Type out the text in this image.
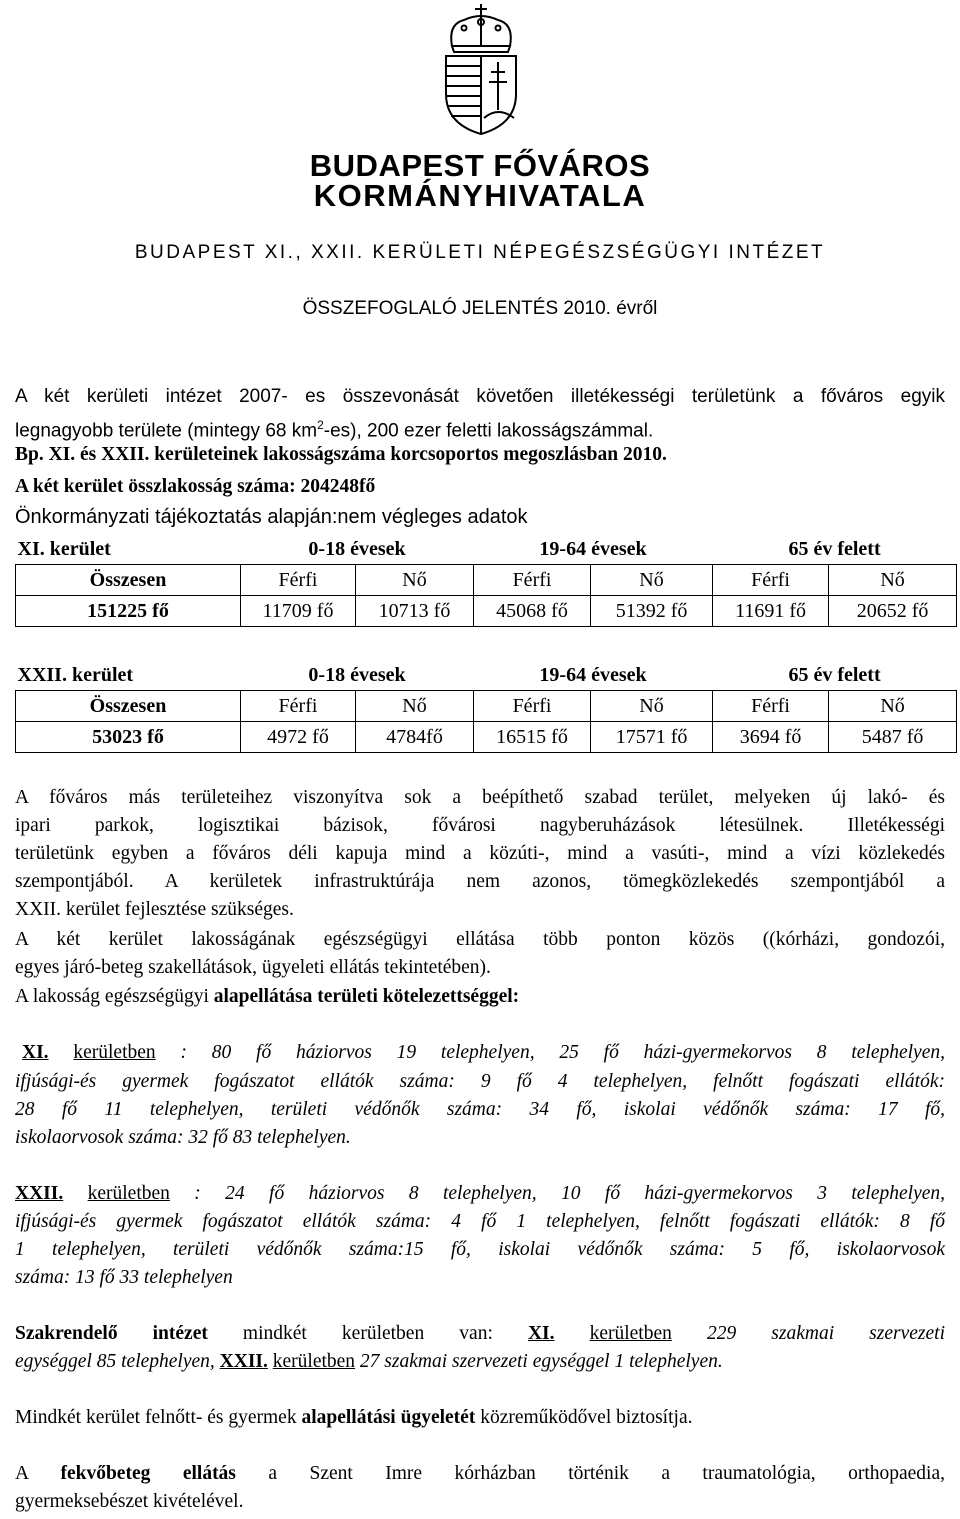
BUDAPEST FŐVÁROS
KORMÁNYHIVATALA
BUDAPEST XI., XXII. KERÜLETI NÉPEGÉSZSÉGÜGYI INTÉZET
ÖSSZEFOGLALÓ JELENTÉS 2010. évről

A két kerületi intézet 2007- es összevonását követően illetékességi területünk a főváros egyik

legnagyobb területe (mintegy 68 $km^2-es$), 200 ezer feletti lakosságszámmal.

Bp. XI. és XXII. kerületeinek lakosságszáma korcsoportos megoszlásban 2010.

A két kerület összlakosság száma: 204248fő

Önkormányzati tájékoztatás alapján:nem végleges adatok

XI. kerület	0-18 évesek		19-64 évesek		65 év felett	
Összesen	Férfi	Nő	Férfi	Nő	Férfi	Nő
151225 fő	11709 fő	10713 fő	45068 fő	51392 fő	11691 fő	20652 fő
XXII. kerület	0-18 évesek		19-64 évesek		65 év felett	
Összesen	Férfi	Nő	Férfi	Nő	Férfi	Nő
53023 fő	4972 fő	4784fő	16515 fő	17571 fő	3694 fő	5487 fő

A főváros más területeihez viszonyítva sok a beépíthető szabad terület, melyeken új lakó- és

ipari parkok, logisztikai bázisok, fővárosi nagyberuházások létesülnek. Illetékességi

területünk egyben a főváros déli kapuja mind a közúti-, mind a vasúti-, mind a vízi közlekedés

szempontjából. A kerületek infrastruktúrája nem azonos, tömegközlekedés szempontjából a

XXII. kerület fejlesztése szükséges.

A két kerület lakosságának egészségügyi ellátása több ponton közös ((kórházi, gondozói,

egyes járó-beteg szakellátások, ügyeleti ellátás tekintetében).

A lakosság egészségügyi alapellátása területi kötelezettséggel:

XI. kerületben : 80 fő háziorvos 19 telephelyen, 25 fő házi-gyermekorvos 8 telephelyen,

ifjúsági-és gyermek fogászatot ellátók száma: 9 fő 4 telephelyen, felnőtt fogászati ellátók:

28 fő 11 telephelyen, területi védőnők száma: 34 fő, iskolai védőnők száma: 17 fő,

iskolaorvosok száma: 32 fő 83 telephelyen.

XXII. kerületben : 24 fő háziorvos 8 telephelyen, 10 fő házi-gyermekorvos 3 telephelyen,

ifjúsági-és gyermek fogászatot ellátók száma: 4 fő 1 telephelyen, felnőtt fogászati ellátók: 8 fő

1 telephelyen, területi védőnők száma:15 fő, iskolai védőnők száma: 5 fő, iskolaorvosok

száma: 13 fő 33 telephelyen

Szakrendelő intézet mindkét kerületben van: XI. kerületben 229 szakmai szervezeti

egységgel 85 telephelyen, XXII. kerületben 27 szakmai szervezeti egységgel 1 telephelyen.

Mindkét kerület felnőtt- és gyermek alapellátási ügyeletét közreműködővel biztosítja.

A fekvőbeteg ellátás a Szent Imre kórházban történik a traumatológia, orthopaedia,

gyermeksebészet kivételével.
